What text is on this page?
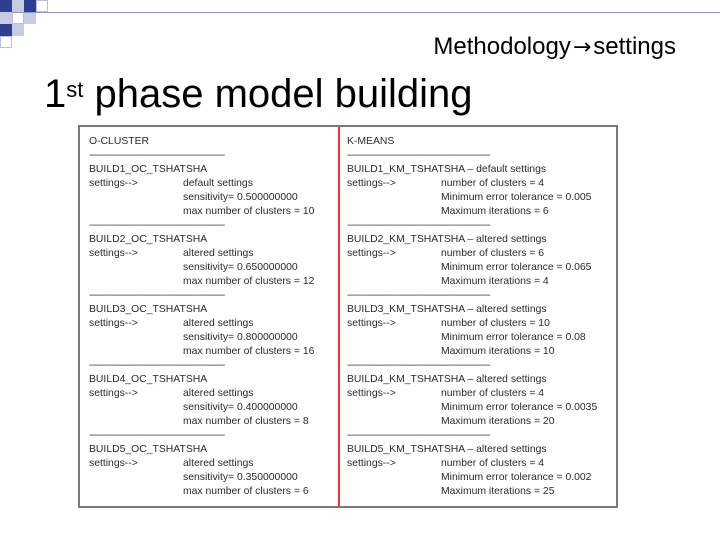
Methodology→settings
1st phase model building
O-CLUSTER
-------------------------------------------------------
BUILD1_OC_TSHATSHA
settings-->	default settings
sensitivity= 0.500000000
max number of clusters = 10
-------------------------------------------------------
BUILD2_OC_TSHATSHA
settings-->	altered settings
sensitivity= 0.650000000
max number of clusters = 12
-------------------------------------------------------
BUILD3_OC_TSHATSHA
settings-->	altered settings
sensitivity= 0.800000000
max number of clusters = 16
-------------------------------------------------------
BUILD4_OC_TSHATSHA
settings-->	altered settings
sensitivity= 0.400000000
max number of clusters = 8
-------------------------------------------------------
BUILD5_OC_TSHATSHA
settings-->	altered settings
sensitivity= 0.350000000
max number of clusters = 6
K-MEANS
----------------------------------------------------------
BUILD1_KM_TSHATSHA – default settings
settings-->	number of clusters = 4
Minimum error tolerance = 0.005
Maximum iterations = 6
----------------------------------------------------------
BUILD2_KM_TSHATSHA – altered settings
settings-->	number of clusters = 6
Minimum error tolerance = 0.065
Maximum iterations = 4
----------------------------------------------------------
BUILD3_KM_TSHATSHA – altered settings
settings-->	number of clusters = 10
Minimum error tolerance = 0.08
Maximum iterations = 10
----------------------------------------------------------
BUILD4_KM_TSHATSHA – altered settings
settings-->	number of clusters = 4
Minimum error tolerance = 0.0035
Maximum iterations = 20
----------------------------------------------------------
BUILD5_KM_TSHATSHA – altered settings
settings-->	number of clusters = 4
Minimum error tolerance = 0.002
Maximum iterations = 25
